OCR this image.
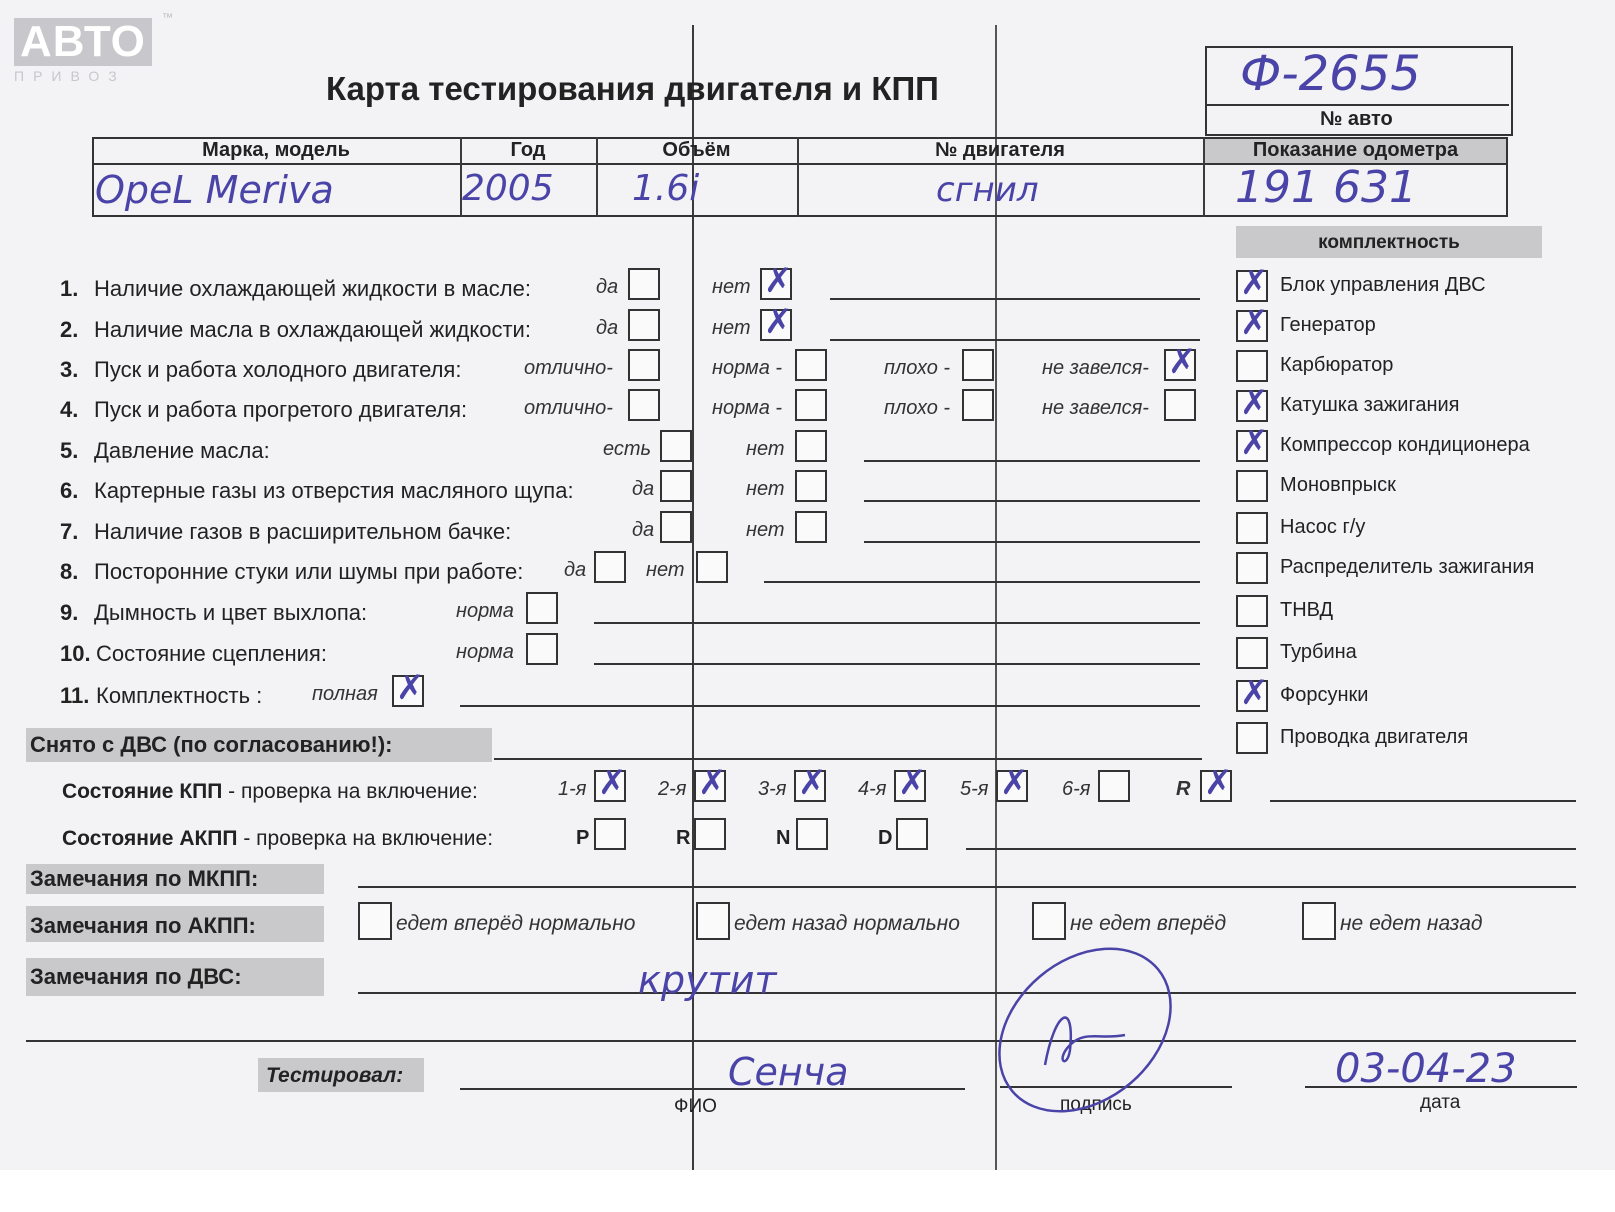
АВТО
ПРИВОЗ
™
Карта тестирования двигателя и КПП	Ф-2655
№ авто
Марка, модель	Год	Объём	№ двигателя	Показание одометра
OpeL Meriva	2005 1.6i	сгнил	191 631
комплектность
✗ Блок управления ДВС
✗ Генератор
Карбюратор
✗ Катушка зажигания
✗ Компрессор кондиционера
Моновпрыск
Насос г/у
Распределитель зажигания
ТНВД
Турбина
✗ Форсунки
Проводка двигателя
1. Наличие охлаждающей жидкости в масле:	да	нет ✗
2. Наличие масла в охлаждающей жидкости:	да	нет ✗
3. Пуск и работа холодного двигателя:	отлично-	норма -	плохо -	не завелся- ✗
4. Пуск и работа прогретого двигателя:	отлично-	норма -	плохо -	не завелся-
5. Давление масла:	есть	нет
6. Картерные газы из отверстия масляного щупа:	да	нет
7. Наличие газов в расширительном бачке:	да	нет
8. Посторонние стуки или шумы при работе: да	нет
9. Дымность и цвет выхлопа:	норма
10. Состояние сцепления:	норма
11. Комплектность : полная ✗
Снято с ДВС (по согласованию!):
Состояние КПП - проверка на включение:	1-я ✗ 2-я ✗ 3-я ✗ 4-я ✗ 5-я ✗ 6-я	R ✗
Состояние АКПП - проверка на включение:	P	R	N	D
Замечания по МКПП:
Замечания по АКПП:	едет вперёд нормально	едет назад нормально	не едет вперёд	не едет назад
Замечания по ДВС:	крутит
Тестировал:	Сенча	03-04-23
ФИО	подпись	дата
